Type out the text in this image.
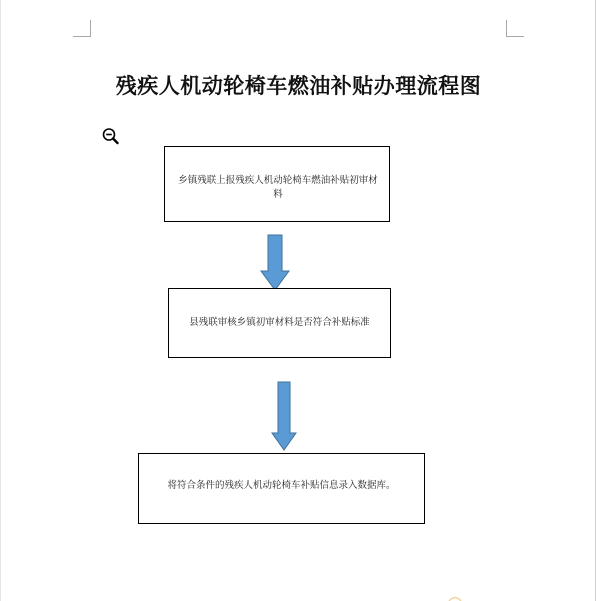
残疾人机动轮椅车燃油补贴办理流程图
乡镇残联上报残疾人机动轮椅车燃油补贴初审材料
县残联审核乡镇初审材料是否符合补贴标准
将符合条件的残疾人机动轮椅车补贴信息录入数据库。
